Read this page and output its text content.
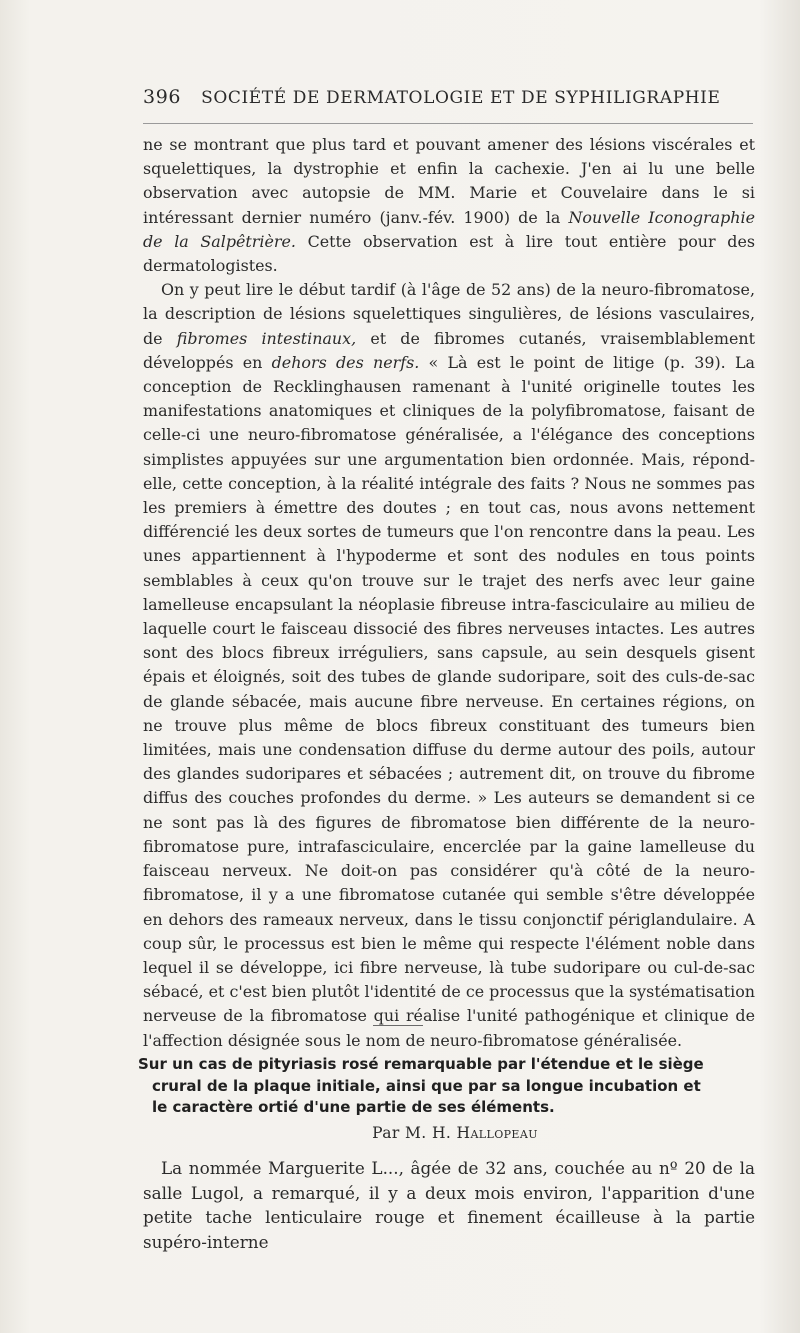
396 SOCIÉTÉ DE DERMATOLOGIE ET DE SYPHILIGRAPHIE

ne se montrant que plus tard et pouvant amener des lésions viscérales et squelettiques, la dystrophie et enfin la cachexie. J'en ai lu une belle observation avec autopsie de MM. Marie et Couvelaire dans le si intéressant dernier numéro (janv.-fév. 1900) de la Nouvelle Iconographie de la Salpêtrière. Cette observation est à lire tout entière pour des dermatologistes.

On y peut lire le début tardif (à l'âge de 52 ans) de la neuro-fibromatose, la description de lésions squelettiques singulières, de lésions vasculaires, de fibromes intestinaux, et de fibromes cutanés, vraisemblablement développés en dehors des nerfs. « Là est le point de litige (p. 39). La conception de Recklinghausen ramenant à l'unité originelle toutes les manifestations anatomiques et cliniques de la polyfibromatose, faisant de celle-ci une neuro-fibromatose généralisée, a l'élégance des conceptions simplistes appuyées sur une argumentation bien ordonnée. Mais, répond-elle, cette conception, à la réalité intégrale des faits ? Nous ne sommes pas les premiers à émettre des doutes ; en tout cas, nous avons nettement différencié les deux sortes de tumeurs que l'on rencontre dans la peau. Les unes appartiennent à l'hypoderme et sont des nodules en tous points semblables à ceux qu'on trouve sur le trajet des nerfs avec leur gaine lamelleuse encapsulant la néoplasie fibreuse intra-fasciculaire au milieu de laquelle court le faisceau dissocié des fibres nerveuses intactes. Les autres sont des blocs fibreux irréguliers, sans capsule, au sein desquels gisent épais et éloignés, soit des tubes de glande sudoripare, soit des culs-de-sac de glande sébacée, mais aucune fibre nerveuse. En certaines régions, on ne trouve plus même de blocs fibreux constituant des tumeurs bien limitées, mais une condensation diffuse du derme autour des poils, autour des glandes sudoripares et sébacées ; autrement dit, on trouve du fibrome diffus des couches profondes du derme. » Les auteurs se demandent si ce ne sont pas là des figures de fibromatose bien différente de la neuro-fibromatose pure, intrafasciculaire, encerclée par la gaine lamelleuse du faisceau nerveux. Ne doit-on pas considérer qu'à côté de la neuro-fibromatose, il y a une fibromatose cutanée qui semble s'être développée en dehors des rameaux nerveux, dans le tissu conjonctif périglandulaire. A coup sûr, le processus est bien le même qui respecte l'élément noble dans lequel il se développe, ici fibre nerveuse, là tube sudoripare ou cul-de-sac sébacé, et c'est bien plutôt l'identité de ce processus que la systématisation nerveuse de la fibromatose qui réalise l'unité pathogénique et clinique de l'affection désignée sous le nom de neuro-fibromatose généralisée.

Sur un cas de pityriasis rosé remarquable par l'étendue et le siège
crural de la plaque initiale, ainsi que par sa longue incubation et
le caractère ortié d'une partie de ses éléments.
Par M. H. Hallopeau

La nommée Marguerite L..., âgée de 32 ans, couchée au nº 20 de la salle Lugol, a remarqué, il y a deux mois environ, l'apparition d'une petite tache lenticulaire rouge et finement écailleuse à la partie supéro-interne
